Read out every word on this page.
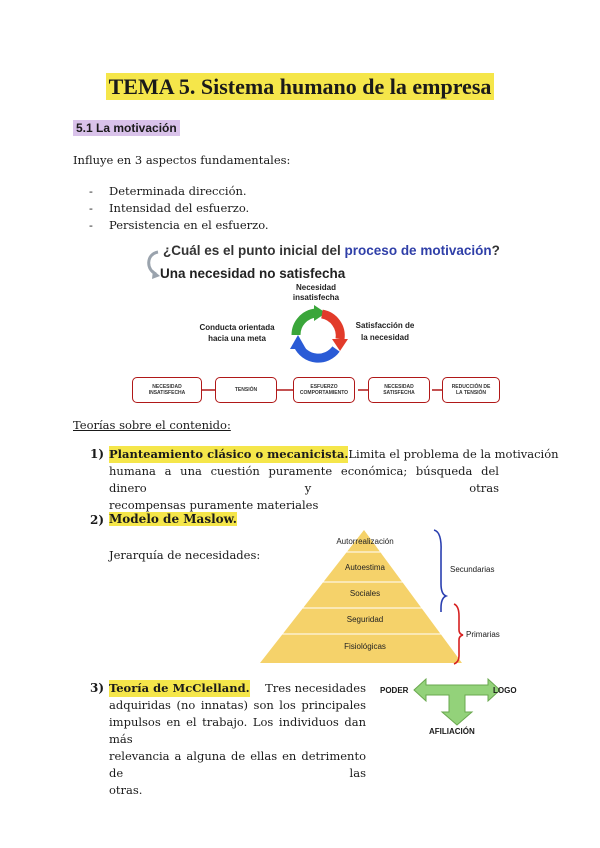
TEMA 5. Sistema humano de la empresa
5.1 La motivación
Influye en 3 aspectos fundamentales:
- Determinada dirección.
- Intensidad del esfuerzo.
- Persistencia en el esfuerzo.
¿Cuál es el punto inicial del proceso de motivación?
Una necesidad no satisfecha
Necesidad
insatisfecha
Conducta orientada
hacia una meta
Satisfacción de
la necesidad
NECESIDAD
INSATISFECHA	TENSIÓN	ESFUERZO
COMPORTAMIENTO
NECESIDAD
SATISFECHA
REDUCCIÓN DE
LA TENSIÓN
Teorías sobre el contenido:
1) Planteamiento clásico o mecanicista. Limita el problema de la motivación
humana a una cuestión puramente económica; búsqueda del dinero y otras
recompensas puramente materiales
2) Modelo de Maslow.
Jerarquía de necesidades:
Autorrealización
Autoestima
Sociales
Seguridad
Fisiológicas
Secundarias
Primarias
3) Teoría de McClelland. Tres necesidades
adquiridas (no innatas) son los principales
impulsos en el trabajo. Los individuos dan más
relevancia a alguna de ellas en detrimento de las
otras.
PODER	LOGO
AFILIACIÓN
